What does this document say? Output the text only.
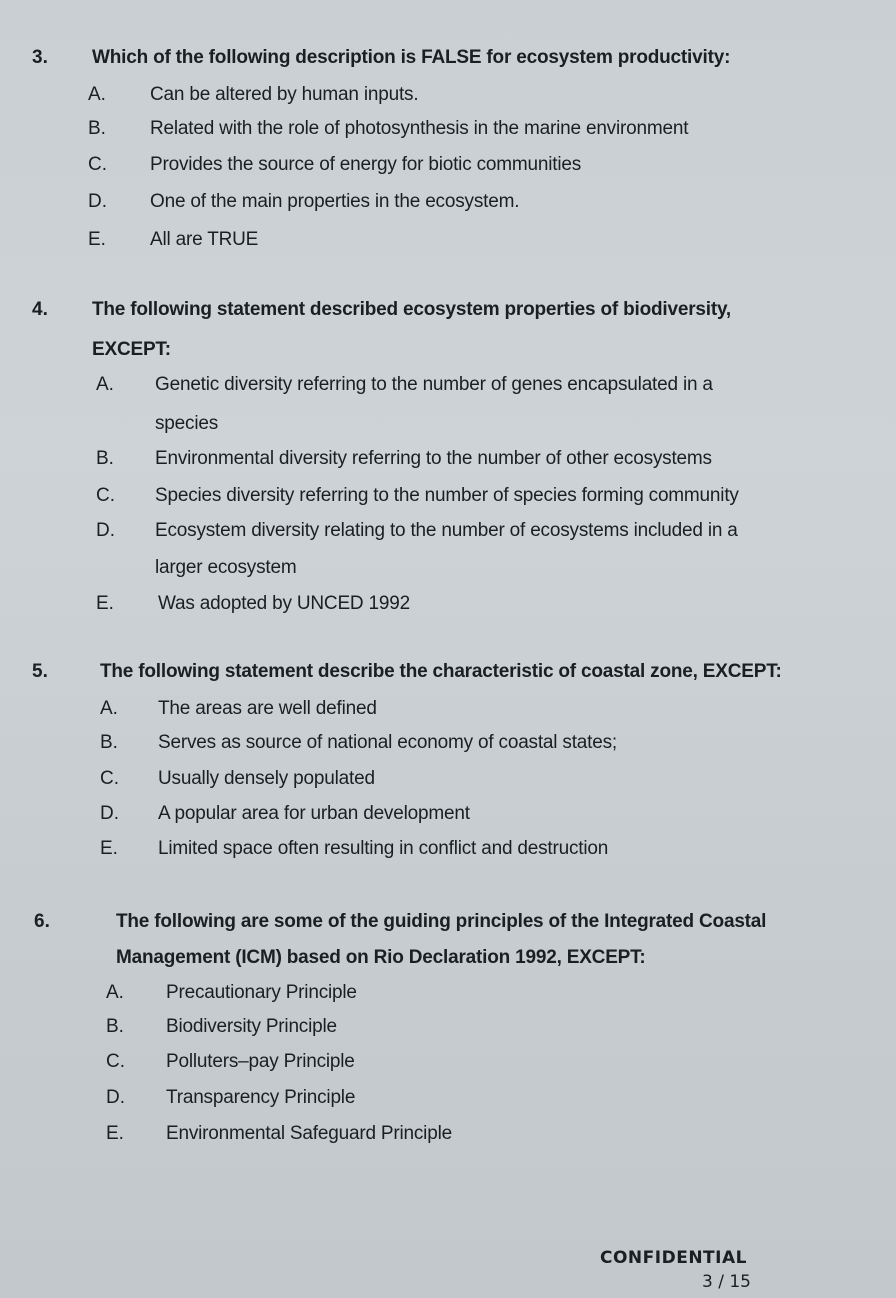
3. Which of the following description is FALSE for ecosystem productivity:
A. Can be altered by human inputs.
B. Related with the role of photosynthesis in the marine environment
C. Provides the source of energy for biotic communities
D. One of the main properties in the ecosystem.
E. All are TRUE
4. The following statement described ecosystem properties of biodiversity,
EXCEPT:
A. Genetic diversity referring to the number of genes encapsulated in a
species
B. Environmental diversity referring to the number of other ecosystems
C. Species diversity referring to the number of species forming community
D. Ecosystem diversity relating to the number of ecosystems included in a
larger ecosystem
E. Was adopted by UNCED 1992
5.	The following statement describe the characteristic of coastal zone, EXCEPT:
A. The areas are well defined
B. Serves as source of national economy of coastal states;
C. Usually densely populated
D. A popular area for urban development
E. Limited space often resulting in conflict and destruction
6.	The following are some of the guiding principles of the Integrated Coastal
Management (ICM) based on Rio Declaration 1992, EXCEPT:
A. Precautionary Principle
B. Biodiversity Principle
C. Polluters–pay Principle
D. Transparency Principle
E. Environmental Safeguard Principle
CONFIDENTIAL
3 / 15
